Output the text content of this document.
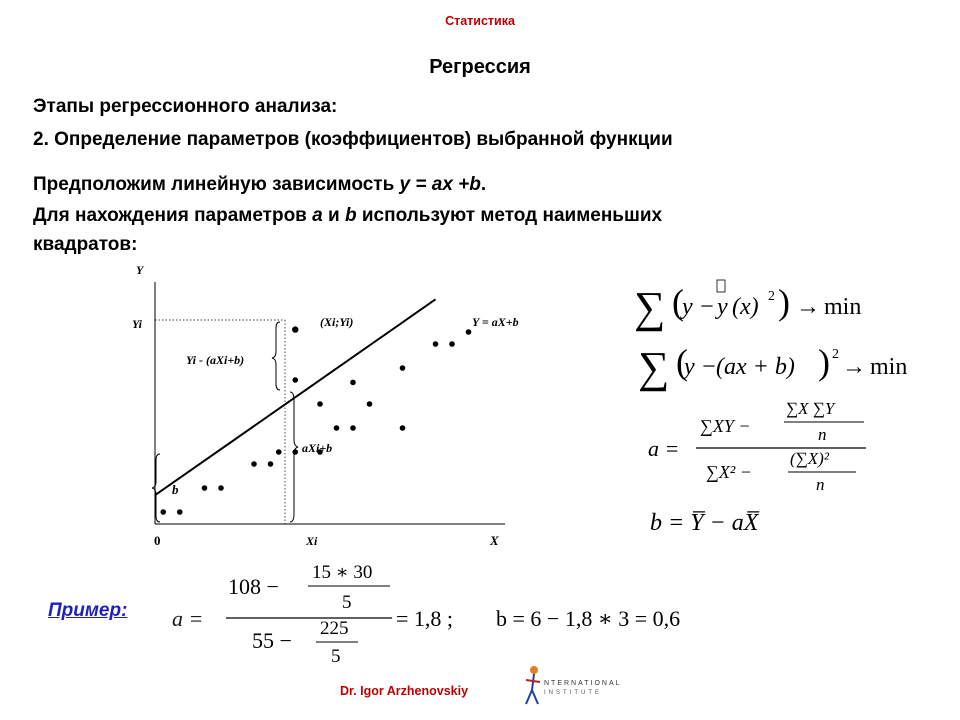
Статистика
Регрессия
Этапы регрессионного анализа:
2. Определение параметров (коэффициентов) выбранной функции
Предположим линейную зависимость y = ax +b.
Для нахождения параметров a и b используют метод наименьших
квадратов:
Y
X
0
Yi
Xi
(Xi;Yi)	Y = aX+b
Yi - (aXi+b)
aXi+b
b
∑ (
y − y (x) 2 ) → min
∑ (
y − (ax + b) ) 2 → min
a =
∑XY −
∑X ∑Y
n
∑X² −
(∑X)²
n
b = Y̅ − aX̅
Пример: a =
108 −
15 ∗ 30
5
55 − 225
5
= 1,8 ; b = 6 − 1,8 ∗ 3 = 0,6
Dr. Igor Arzhenovskiy
NTERNATIONAL
INSTITUTE
